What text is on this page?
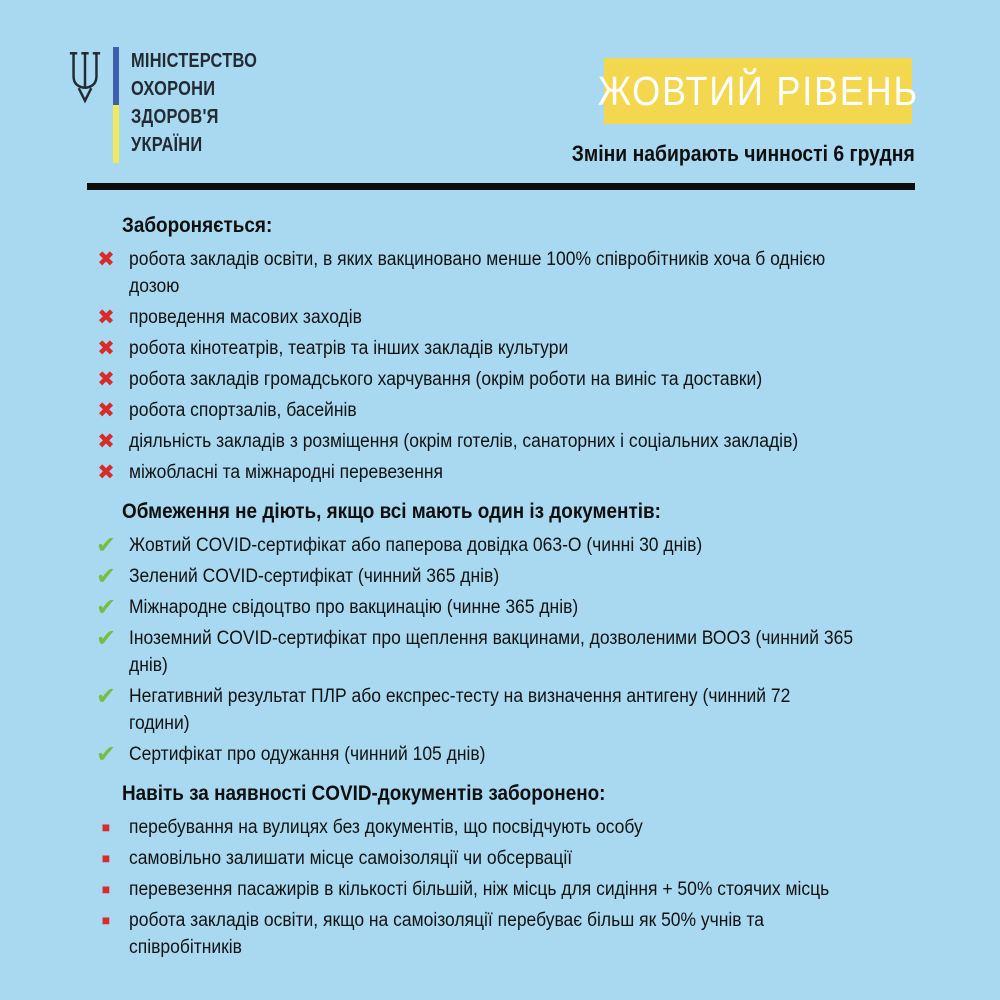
МІНІСТЕРСТВО
ОХОРОНИ
ЗДОРОВ'Я
УКРАЇНИ
ЖОВТИЙ РІВЕНЬ
Зміни набирають чинності 6 грудня
Забороняється:
✖ робота закладів освіти, в яких вакциновано менше 100% співробітників хоча б однією дозою
✖ проведення масових заходів
✖ робота кінотеатрів, театрів та інших закладів культури
✖ робота закладів громадського харчування (окрім роботи на виніс та доставки)
✖ робота спортзалів, басейнів
✖ діяльність закладів з розміщення (окрім готелів, санаторних і соціальних закладів)
✖ міжобласні та міжнародні перевезення
Обмеження не діють, якщо всі мають один із документів:
✔ Жовтий COVID-сертифікат або паперова довідка 063-О (чинні 30 днів)
✔ Зелений COVID-сертифікат (чинний 365 днів)
✔ Міжнародне свідоцтво про вакцинацію (чинне 365 днів)
✔ Іноземний COVID-сертифікат про щеплення вакцинами, дозволеними ВООЗ (чинний 365 днів)
✔ Негативний результат ПЛР або експрес-тесту на визначення антигену (чинний 72 години)
✔ Сертифікат про одужання (чинний 105 днів)
Навіть за наявності COVID-документів заборонено:
■ перебування на вулицях без документів, що посвідчують особу
■ самовільно залишати місце самоізоляції чи обсервації
■ перевезення пасажирів в кількості більшій, ніж місць для сидіння + 50% стоячих місць
■ робота закладів освіти, якщо на самоізоляції перебуває більш як 50% учнів та співробітників
